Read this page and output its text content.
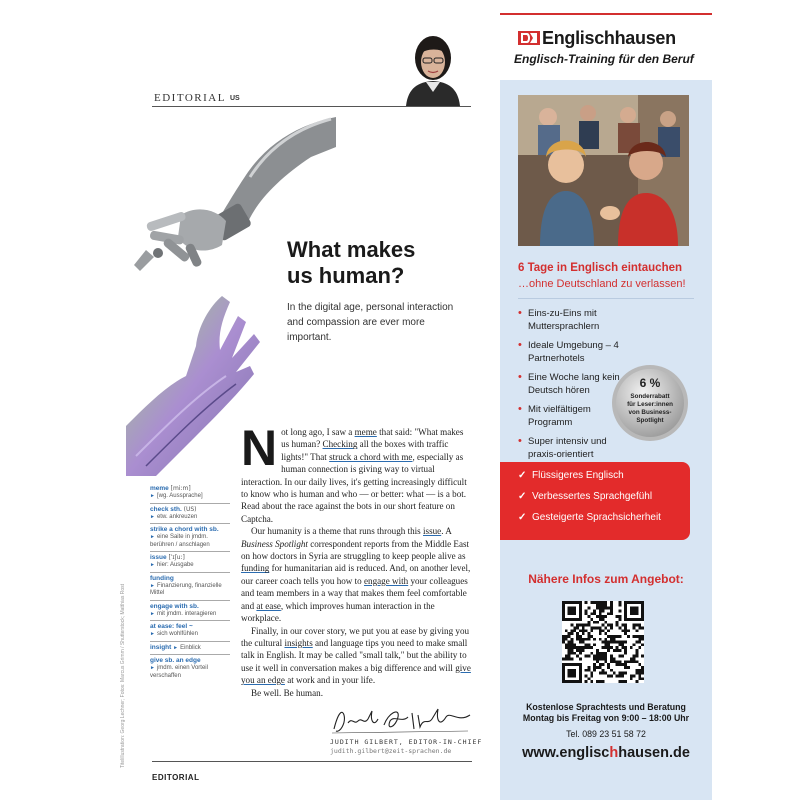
EDITORIAL US
What makes
us human?
In the digital age, personal interaction and compassion are ever more important.

Not long ago, I saw a meme that said: "What makes us human? Checking all the boxes with traffic lights!" That struck a chord with me, especially as human connection is giving way to virtual interaction. In our daily lives, it's getting increasingly difficult to know who is human and who — or better: what — is a bot. Read about the race against the bots in our short feature on Captcha.

Our humanity is a theme that runs through this issue. A Business Spotlight correspondent reports from the Middle East on how doctors in Syria are struggling to keep people alive as funding for humanitarian aid is reduced. And, on another level, our career coach tells you how to engage with your colleagues and team members in a way that makes them feel comfortable and at ease, which improves human interaction in the workplace.

Finally, in our cover story, we put you at ease by giving you the cultural insights and language tips you need to make small talk in English. It may be called "small talk," but the ability to use it well in conversation makes a big difference and will give you an edge at work and in your life.

Be well. Be human.

meme [miːm]
► [wg. Aussprache]
check sth. (US)
► etw. ankreuzen
strike a chord with sb.
► eine Saite in jmdm. berühren / anschlagen
issue [ˈɪʃuː]
► hier: Ausgabe
funding
► Finanzierung, finanzielle Mittel
engage with sb.
► mit jmdm. interagieren
at ease: feel ~
► sich wohlfühlen
insight ► Einblick
give sb. an edge
► jmdm. einen Vorteil verschaffen
Titelillustration: Georg Lechner; Fotos: Marcus Grimm / Shutterstock; Matthias Rost	JUDITH GILBERT, EDITOR-IN-CHIEF
judith.gilbert@zeit-sprachen.de
EDITORIAL
Englischhausen
Englisch-Training für den Beruf
6 Tage in Englisch eintauchen
…ohne Deutschland zu verlassen!
• Eins-zu-Eins mit Muttersprachlern
• Ideale Umgebung – 4 Partnerhotels
• Eine Woche lang kein Deutsch hören
• Mit vielfältigem Programm
• Super intensiv und praxis-orientiert
6 %
Sonderrabatt
für Leser:innen
von Business-
Spotlight
✓ Flüssigeres Englisch
✓ Verbessertes Sprachgefühl
✓ Gesteigerte Sprachsicherheit
Nähere Infos zum Angebot:
Kostenlose Sprachtests und Beratung
Montag bis Freitag von 9:00 – 18:00 Uhr
Tel. 089 23 51 58 72
www.englischhausen.de
